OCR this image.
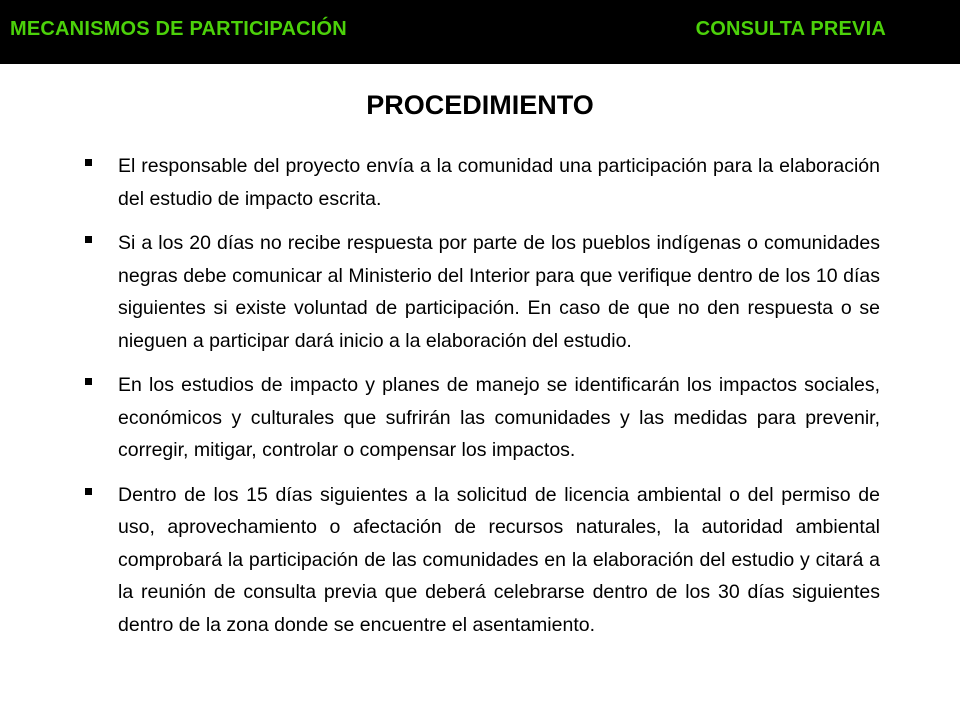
MECANISMOS DE PARTICIPACIÓN	CONSULTA PREVIA
PROCEDIMIENTO
El responsable del proyecto envía a la comunidad una participación para la elaboración del estudio de impacto escrita.
Si a los 20 días no recibe respuesta por parte de los pueblos indígenas o comunidades negras debe comunicar al Ministerio del Interior para que verifique dentro de los 10 días siguientes si existe voluntad de participación. En caso de que no den respuesta o se nieguen a participar dará inicio a la elaboración del estudio.
En los estudios de impacto y planes de manejo se identificarán los impactos sociales, económicos y culturales que sufrirán las comunidades y las medidas para prevenir, corregir, mitigar, controlar o compensar los impactos.
Dentro de los 15 días siguientes a la solicitud de licencia ambiental o del permiso de uso, aprovechamiento o afectación de recursos naturales, la autoridad ambiental comprobará la participación de las comunidades en la elaboración del estudio y citará a la reunión de consulta previa que deberá celebrarse dentro de los 30 días siguientes dentro de la zona donde se encuentre el asentamiento.
